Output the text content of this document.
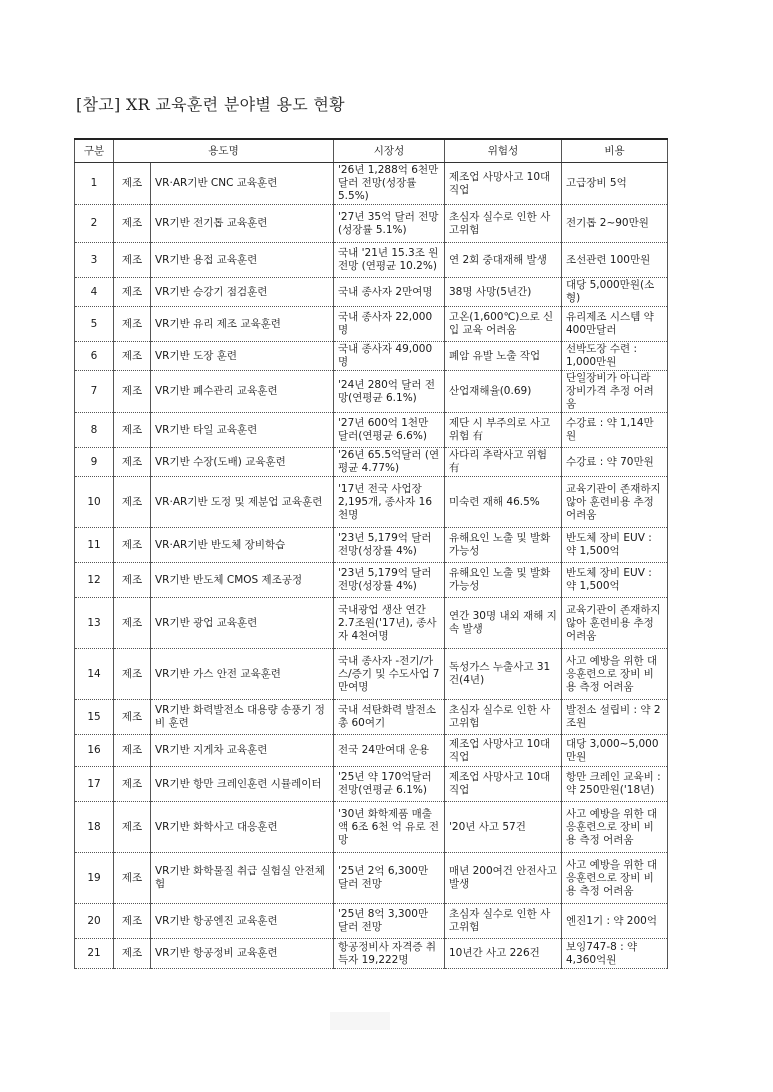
[참고] XR 교육훈련 분야별 용도 현황
구분	용도명		시장성	위험성	비용
1	제조	VR·AR기반 CNC 교육훈련	'26년 1,288억 6천만 달러 전망(성장률 5.5%)	제조업 사망사고 10대 직업	고급장비 5억
2	제조	VR기반 전기톱 교육훈련	'27년 35억 달러 전망(성장률 5.1%)	초심자 실수로 인한 사고위험	전기톱 2~90만원
3	제조	VR기반 용접 교육훈련	국내 '21년 15.3조 원 전망 (연평균 10.2%)	연 2회 중대재해 발생	조선관련 100만원
4	제조	VR기반 승강기 점검훈련	국내 종사자 2만여명	38명 사망(5년간)	대당 5,000만원(소형)
5	제조	VR기반 유리 제조 교육훈련	국내 종사자 22,000명	고온(1,600℃)으로 신입 교육 어려움	유리제조 시스템 약 400만달러
6	제조	VR기반 도장 훈련	국내 종사자 49,000명	폐암 유발 노출 작업	선박도장 수련 : 1,000만원
7	제조	VR기반 폐수관리 교육훈련	'24년 280억 달러 전망(연평균 6.1%)	산업재해율(0.69)	단일장비가 아니라 장비가격 추정 어려움
8	제조	VR기반 타일 교육훈련	'27년 600억 1천만 달러(연평균 6.6%)	제단 시 부주의로 사고위험 有	수강료 : 약 1,14만원
9	제조	VR기반 수장(도배) 교육훈련	'26년 65.5억달러 (연평균 4.77%)	사다리 추락사고 위험 有	수강료 : 약 70만원
10	제조	VR·AR기반 도정 및 제분업 교육훈련	'17년 전국 사업장 2,195개, 종사자 16천명	미숙련 재해 46.5%	교육기관이 존재하지 않아 훈련비용 추정 어려움
11	제조	VR·AR기반 반도체 장비학습	'23년 5,179억 달러 전망(성장률 4%)	유해요인 노출 및 발화 가능성	반도체 장비 EUV : 약 1,500억
12	제조	VR기반 반도체 CMOS 제조공정	'23년 5,179억 달러 전망(성장률 4%)	유해요인 노출 및 발화 가능성	반도체 장비 EUV : 약 1,500억
13	제조	VR기반 광업 교육훈련	국내광업 생산 연간 2.7조원('17년), 종사자 4천여명	연간 30명 내외 재해 지속 발생	교육기관이 존재하지 않아 훈련비용 추정 어려움
14	제조	VR기반 가스 안전 교육훈련	국내 종사자 -전기/가스/증기 및 수도사업 7만여명	독성가스 누출사고 31건(4년)	사고 예방을 위한 대응훈련으로 장비 비용 측정 어려움
15	제조	VR기반 화력발전소 대용량 송풍기 정비 훈련	국내 석탄화력 발전소 총 60여기	초심자 실수로 인한 사고위험	발전소 설립비 : 약 2조원
16	제조	VR기반 지게차 교육훈련	전국 24만여대 운용	제조업 사망사고 10대 직업	대당 3,000~5,000만원
17	제조	VR기반 항만 크레인훈련 시뮬레이터	'25년 약 170억달러 전망(연평균 6.1%)	제조업 사망사고 10대 직업	항만 크레인 교육비 : 약 250만원('18년)
18	제조	VR기반 화학사고 대응훈련	'30년 화학제품 매출액 6조 6천 억 유로 전망	'20년 사고 57건	사고 예방을 위한 대응훈련으로 장비 비용 측정 어려움
19	제조	VR기반 화학물질 취급 실험실 안전체험	'25년 2억 6,300만 달러 전망	매년 200여건 안전사고 발생	사고 예방을 위한 대응훈련으로 장비 비용 측정 어려움
20	제조	VR기반 항공엔진 교육훈련	'25년 8억 3,300만 달러 전망	초심자 실수로 인한 사고위험	엔진1기 : 약 200억
21	제조	VR기반 항공정비 교육훈련	항공정비사 자격증 취득자 19,222명	10년간 사고 226건	보잉747-8 : 약 4,360억원
